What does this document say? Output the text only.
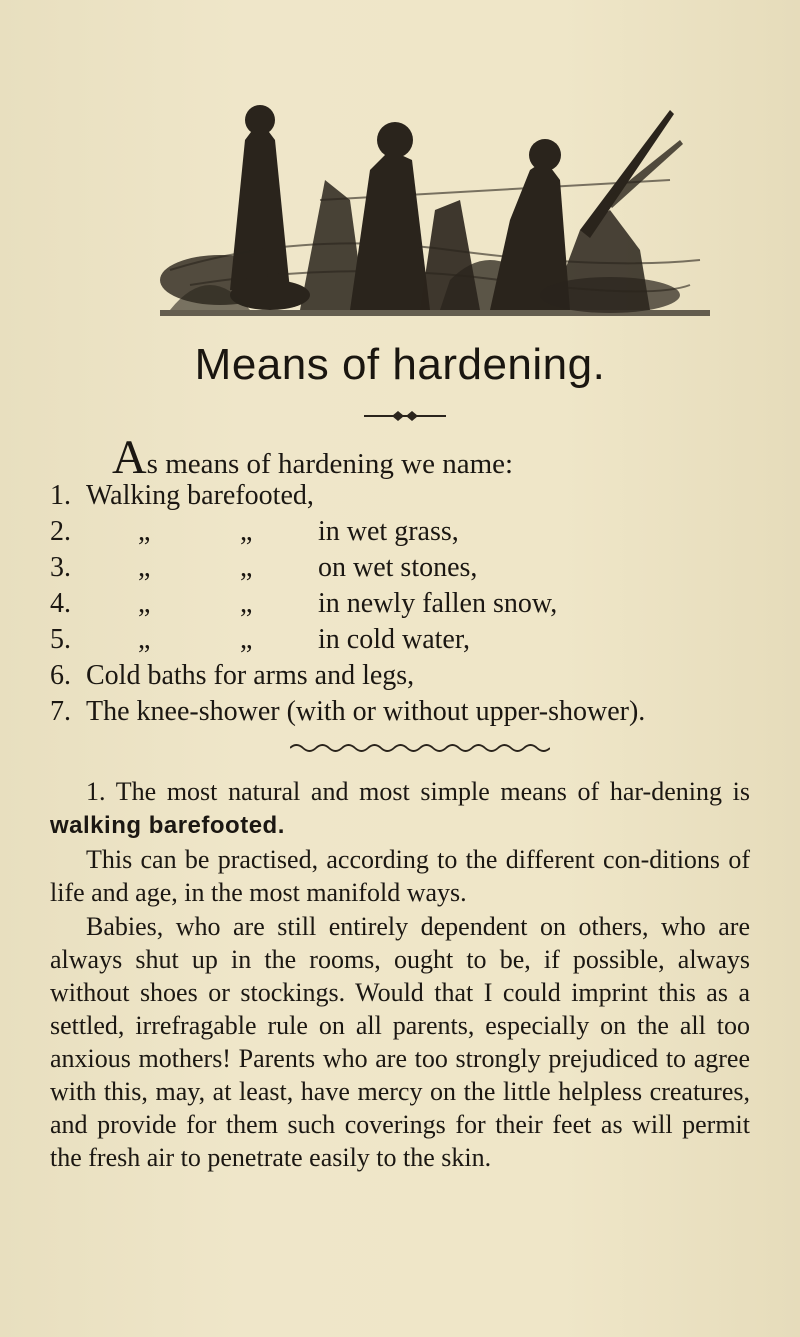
Means of hardening.
As means of hardening we name:
1. Walking barefooted,
2. „	„ in wet grass,
3. „	„ on wet stones,
4. „	„ in newly fallen snow,
5. „	„ in cold water,
6. Cold baths for arms and legs,
7. The knee-shower (with or without upper-shower).

1. The most natural and most simple means of har-dening is walking barefooted.

This can be practised, according to the different con-ditions of life and age, in the most manifold ways.

Babies, who are still entirely dependent on others, who are always shut up in the rooms, ought to be, if possible, always without shoes or stockings. Would that I could imprint this as a settled, irrefragable rule on all parents, especially on the all too anxious mothers! Parents who are too strongly prejudiced to agree with this, may, at least, have mercy on the little helpless creatures, and provide for them such coverings for their feet as will permit the fresh air to penetrate easily to the skin.
